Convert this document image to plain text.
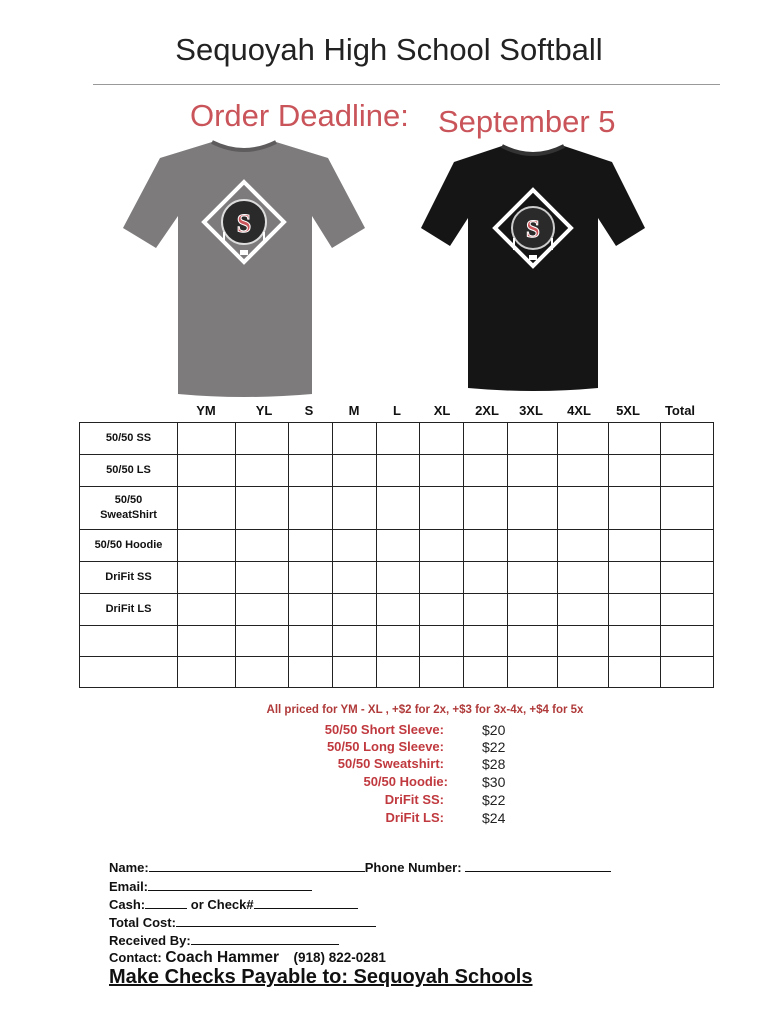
Sequoyah High School Softball
Order Deadline: September 5
S	S
YM	YL S	M	L	XL 2XL 3XL 4XL 5XL Total
50/50 SS											
50/50 LS											
50/50
SweatShirt											
50/50 Hoodie											
DriFit SS											
DriFit LS											

All priced for YM - XL , +$2 for 2x, +$3 for 3x-4x, +$4 for 5x
50/50 Short Sleeve:	$20
50/50 Long Sleeve:	$22
50/50 Sweatshirt:	$28
50/50 Hoodie: $30
DriFit SS:	$22
DriFit LS:	$24
Name:	Phone Number:
Email:
Cash:	or Check#
Total Cost:
Received By:
Contact: Coach Hammer (918) 822-0281
Make Checks Payable to: Sequoyah Schools
